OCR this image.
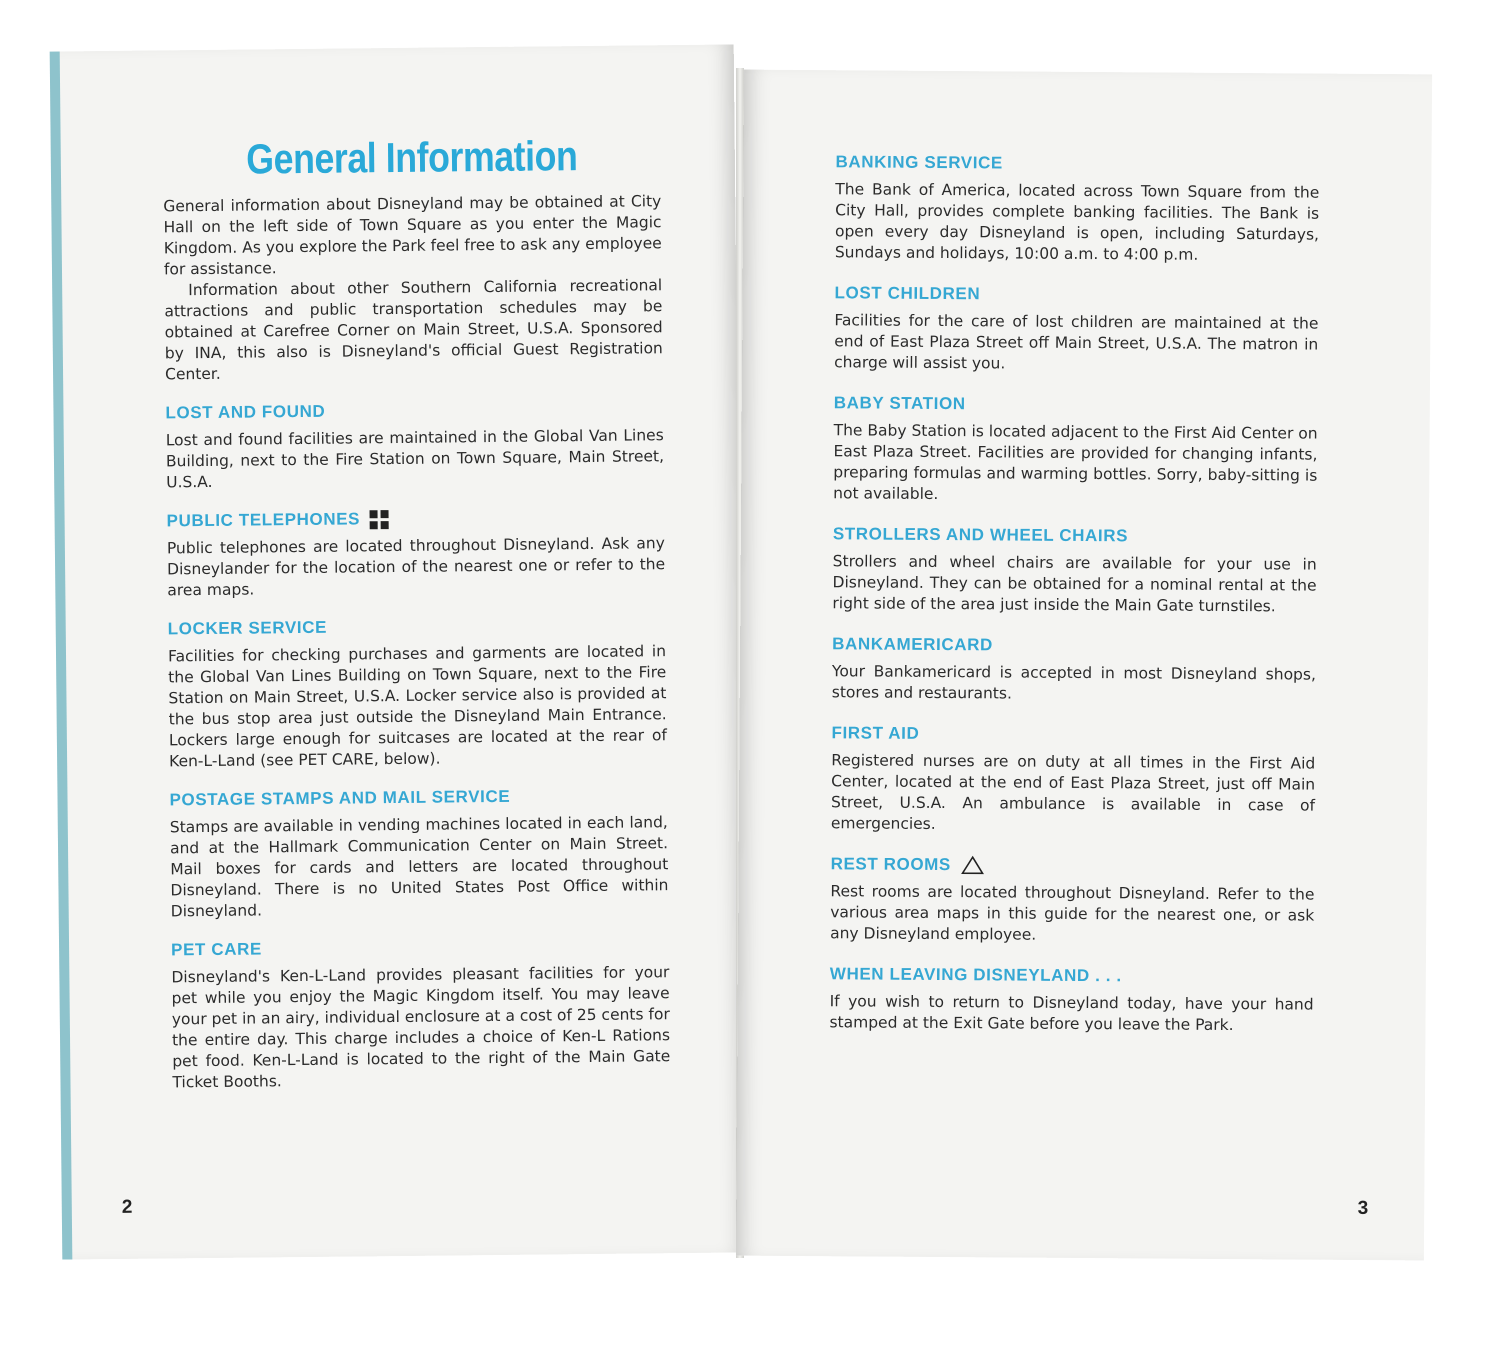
General Information

General information about Disneyland may be obtained at City Hall on the left side of Town Square as you enter the Magic Kingdom. As you explore the Park feel free to ask any employee for assistance.

Information about other Southern California recreational attractions and public transportation schedules may be obtained at Carefree Corner on Main Street, U.S.A. Sponsored by INA, this also is Disneyland's official Guest Registration Center.

LOST AND FOUND

Lost and found facilities are maintained in the Global Van Lines Building, next to the Fire Station on Town Square, Main Street, U.S.A.

PUBLIC TELEPHONES

Public telephones are located throughout Disneyland. Ask any Disneylander for the location of the nearest one or refer to the area maps.

LOCKER SERVICE

Facilities for checking purchases and garments are located in the Global Van Lines Building on Town Square, next to the Fire Station on Main Street, U.S.A. Locker service also is provided at the bus stop area just outside the Disneyland Main Entrance. Lockers large enough for suitcases are located at the rear of Ken-L-Land (see PET CARE, below).

POSTAGE STAMPS AND MAIL SERVICE

Stamps are available in vending machines located in each land, and at the Hallmark Communication Center on Main Street. Mail boxes for cards and letters are located throughout Disneyland. There is no United States Post Office within Disneyland.

PET CARE

Disneyland's Ken-L-Land provides pleasant facilities for your pet while you enjoy the Magic Kingdom itself. You may leave your pet in an airy, individual enclosure at a cost of 25 cents for the entire day. This charge includes a choice of Ken-L Rations pet food. Ken-L-Land is located to the right of the Main Gate Ticket Booths.

2
BANKING SERVICE

The Bank of America, located across Town Square from the City Hall, provides complete banking facilities. The Bank is open every day Disneyland is open, including Saturdays, Sundays and holidays, 10:00 a.m. to 4:00 p.m.

LOST CHILDREN

Facilities for the care of lost children are maintained at the end of East Plaza Street off Main Street, U.S.A. The matron in charge will assist you.

BABY STATION

The Baby Station is located adjacent to the First Aid Center on East Plaza Street. Facilities are provided for changing infants, preparing formulas and warming bottles. Sorry, baby-sitting is not available.

STROLLERS AND WHEEL CHAIRS

Strollers and wheel chairs are available for your use in Disneyland. They can be obtained for a nominal rental at the right side of the area just inside the Main Gate turnstiles.

BANKAMERICARD

Your Bankamericard is accepted in most Disneyland shops, stores and restaurants.

FIRST AID

Registered nurses are on duty at all times in the First Aid Center, located at the end of East Plaza Street, just off Main Street, U.S.A. An ambulance is available in case of emergencies.

REST ROOMS

Rest rooms are located throughout Disneyland. Refer to the various area maps in this guide for the nearest one, or ask any Disneyland employee.

WHEN LEAVING DISNEYLAND . . .

If you wish to return to Disneyland today, have your hand stamped at the Exit Gate before you leave the Park.

3
